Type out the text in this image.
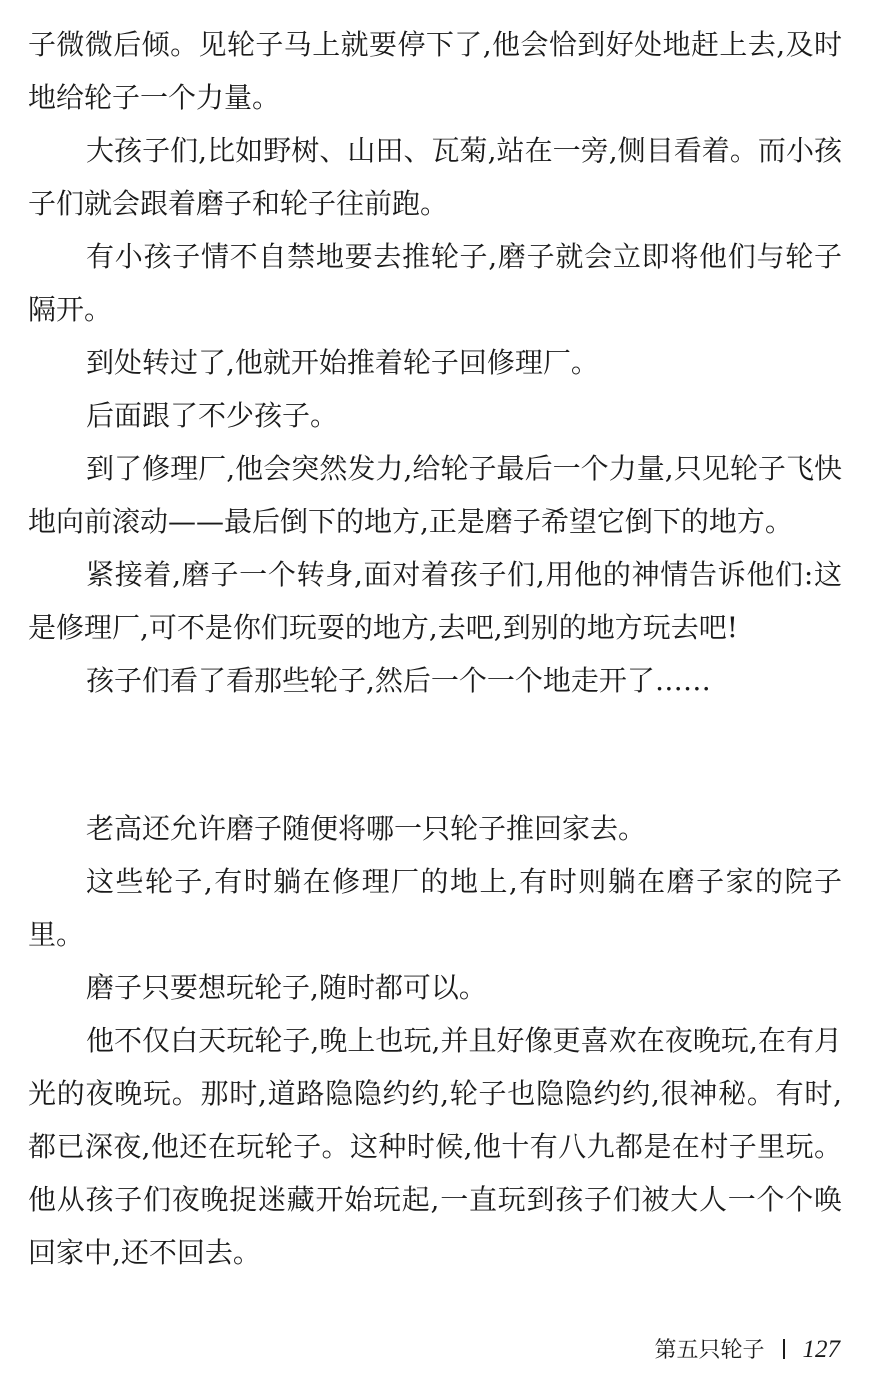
子微微后倾。见轮子马上就要停下了,他会恰到好处地赶上去,及时地给轮子一个力量。

大孩子们,比如野树、山田、瓦菊,站在一旁,侧目看着。而小孩子们就会跟着磨子和轮子往前跑。

有小孩子情不自禁地要去推轮子,磨子就会立即将他们与轮子隔开。

到处转过了,他就开始推着轮子回修理厂。

后面跟了不少孩子。

到了修理厂,他会突然发力,给轮子最后一个力量,只见轮子飞快地向前滚动——最后倒下的地方,正是磨子希望它倒下的地方。

紧接着,磨子一个转身,面对着孩子们,用他的神情告诉他们:这是修理厂,可不是你们玩耍的地方,去吧,到别的地方玩去吧!

孩子们看了看那些轮子,然后一个一个地走开了……

老高还允许磨子随便将哪一只轮子推回家去。

这些轮子,有时躺在修理厂的地上,有时则躺在磨子家的院子里。

磨子只要想玩轮子,随时都可以。

他不仅白天玩轮子,晚上也玩,并且好像更喜欢在夜晚玩,在有月光的夜晚玩。那时,道路隐隐约约,轮子也隐隐约约,很神秘。有时,都已深夜,他还在玩轮子。这种时候,他十有八九都是在村子里玩。他从孩子们夜晚捉迷藏开始玩起,一直玩到孩子们被大人一个个唤回家中,还不回去。

第五只轮子 127
